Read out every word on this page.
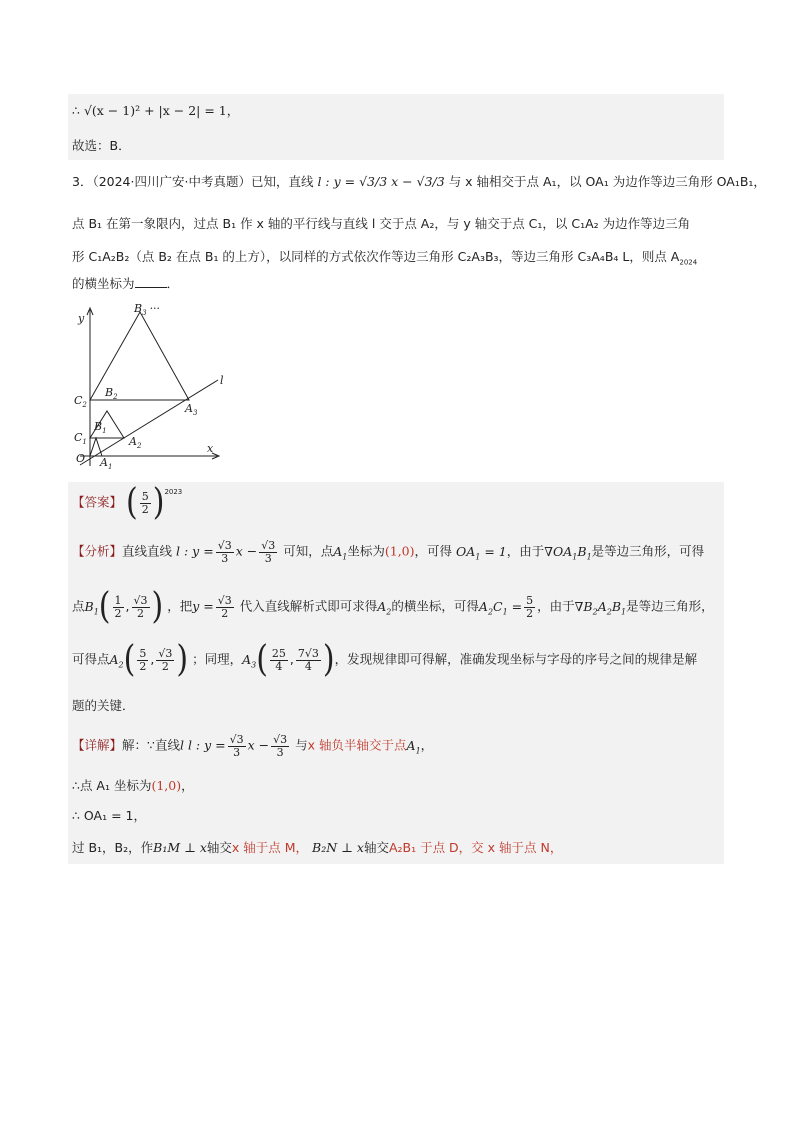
∴ √(x − 1)² + |x − 2| = 1，
故选：B．
3．（2024·四川广安·中考真题）已知，直线 l : y = √3/3 x − √3/3 与 x 轴相交于点 A₁，以 OA₁ 为边作等边三角形 OA₁B₁，
点 B₁ 在第一象限内，过点 B₁ 作 x 轴的平行线与直线 l 交于点 A₂，与 y 轴交于点 C₁，以 C₁A₂ 为边作等边三角
形 C₁A₂B₂（点 B₂ 在点 B₁ 的上方），以同样的方式依次作等边三角形 C₂A₃B₃，等边三角形 C₃A₄B₄ L，则点 $A_{2024}$
的横坐标为	．
y
x
l
O $A_1$
$A_2$
$A_3$
$B_1$
$B_2$
$B_3$ ···
$C_1$
$C_2$
【答案】 ( $\frac{5}{2} )^{2023}$
【分析】直线直线 l : $y = \frac{√3}{3}$ $x - \frac{√3}{3}$ 可知，点$A_1$坐标为(1,0)，可得 $OA_1 = 1$，由于$\nabla OA_1B_1$是等边三角形，可得
点$B_1( \frac{1}{2}$ , $\frac{√3}{2}$ ) ，把$y = \frac{√3}{2}$ 代入直线解析式即可求得$A_2$的横坐标，可得$A_2C_1 = \frac{5}{2}$ ，由于$\nabla B_2A_2B_1$是等边三角形，
可得点$A_2( \frac{5}{2}$ , $\frac{√3}{2}$ ) ；同理，$A_3( \frac{25}{4}$ , $\frac{7√3}{4}$ )，发现规律即可得解，准确发现坐标与字母的序号之间的规律是解
题的关键．
【详解】解：∵直线l l : $y = \frac{√3}{3}$ $x - \frac{√3}{3}$ 与x 轴负半轴交于点$A_1$，
∴点 A₁ 坐标为(1,0)，
∴ OA₁ = 1，
过 B₁，B₂，作B₁M ⊥ x轴交x 轴于点 M， B₂N ⊥ x轴交A₂B₁ 于点 D，交 x 轴于点 N，
